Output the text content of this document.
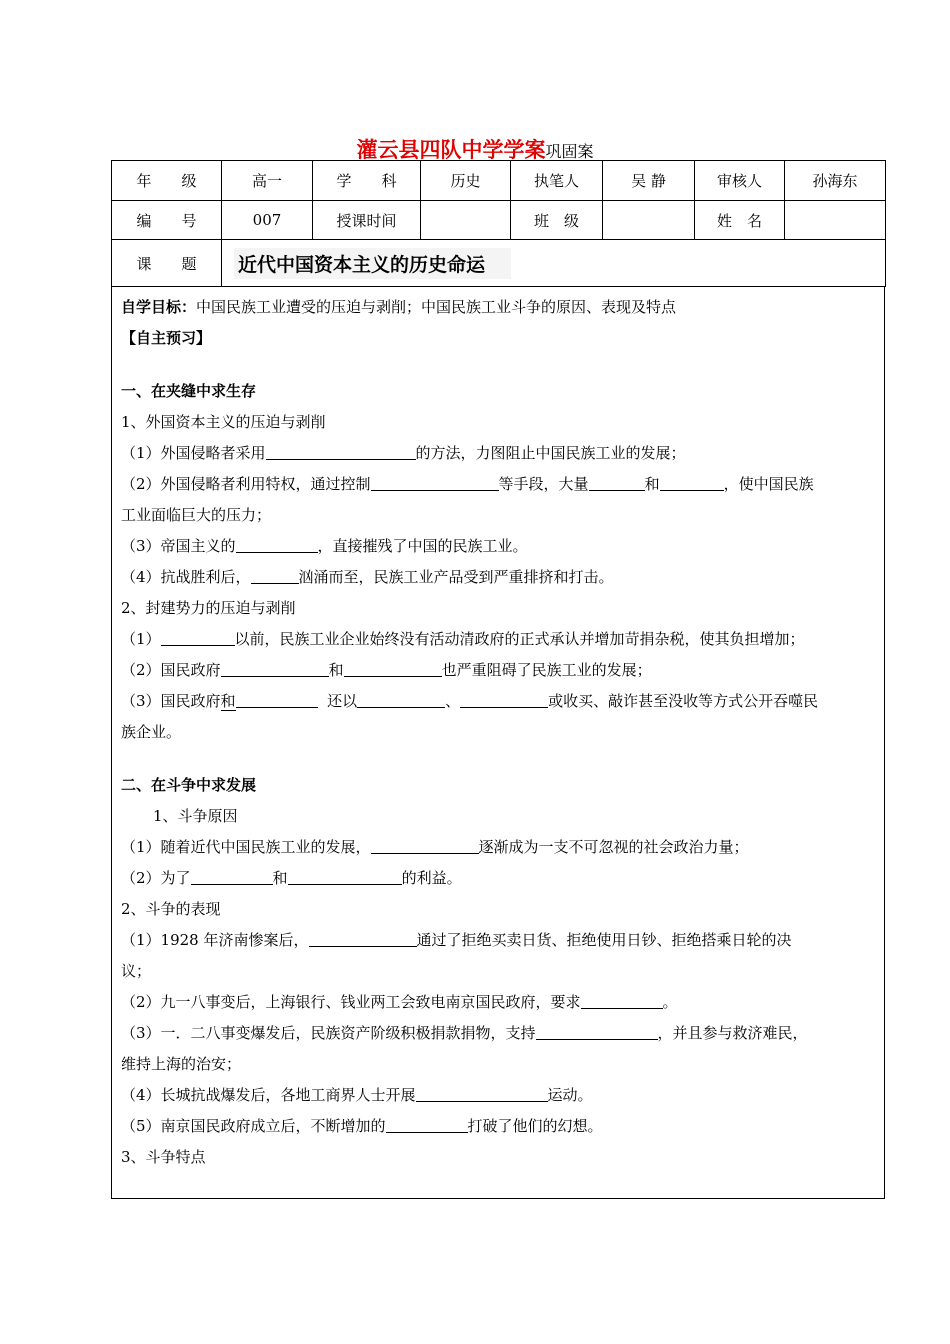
灌云县四队中学学案巩固案
年　　级	高一	学　　科	历史	执笔人	吴 静	审核人	孙海东
编　　号	007	授课时间		班　级		姓　名	
课　　题	近代中国资本主义的历史命运						

自学目标：中国民族工业遭受的压迫与剥削；中国民族工业斗争的原因、表现及特点

【自主预习】

一、在夹缝中求生存

1、外国资本主义的压迫与剥削

（1）外国侵略者采用	的方法，力图阻止中国民族工业的发展；

（2）外国侵略者利用特权，通过控制	等手段，大量	和	，使中国民族

工业面临巨大的压力；

（3）帝国主义的	，直接摧残了中国的民族工业。

（4）抗战胜利后，	汹涌而至，民族工业产品受到严重排挤和打击。

2、封建势力的压迫与剥削

（1）	以前，民族工业企业始终没有活动清政府的正式承认并增加苛捐杂税，使其负担增加；

（2）国民政府	和	也严重阻碍了民族工业的发展；

（3）国民政府和	还以	、	或收买、敲诈甚至没收等方式公开吞噬民

族企业。

二、在斗争中求发展

1、斗争原因

（1）随着近代中国民族工业的发展，	逐渐成为一支不可忽视的社会政治力量；

（2）为了	和	的利益。

2、斗争的表现

（1）1928 年济南惨案后，	通过了拒绝买卖日货、拒绝使用日钞、拒绝搭乘日轮的决

议；

（2）九一八事变后，上海银行、钱业两工会致电南京国民政府，要求	。

（3）一．二八事变爆发后，民族资产阶级积极捐款捐物，支持	，并且参与救济难民，

维持上海的治安；

（4）长城抗战爆发后，各地工商界人士开展	运动。

（5）南京国民政府成立后，不断增加的	打破了他们的幻想。

3、斗争特点
